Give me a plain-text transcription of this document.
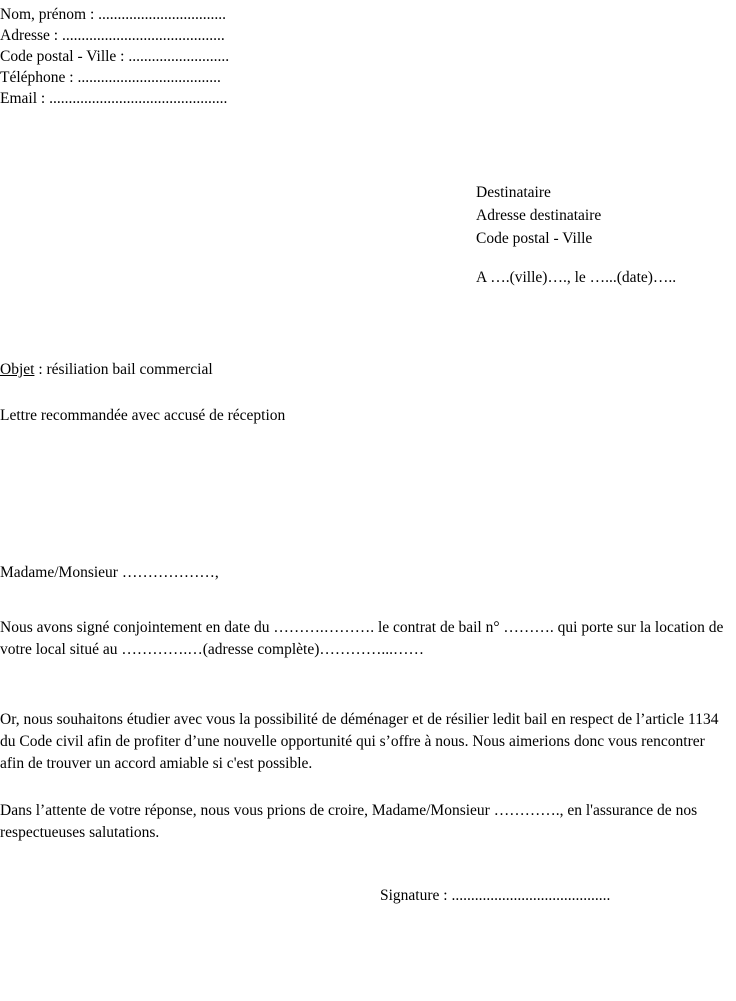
Nom, prénom : .................................
Adresse : ..........................................
Code postal - Ville : ..........................
Téléphone : .....................................
Email : ..............................................
Destinataire
Adresse destinataire
Code postal - Ville
A ….(ville)…., le …...(date)…..
Objet : résiliation bail commercial
Lettre recommandée avec accusé de réception
Madame/Monsieur ………………,

Nous avons signé conjointement en date du ……….………. le contrat de bail n° ………. qui porte sur la location de votre local situé au ………….…(adresse complète)…………...……

Or, nous souhaitons étudier avec vous la possibilité de déménager et de résilier ledit bail en respect de l’article 1134 du Code civil afin de profiter d’une nouvelle opportunité qui s’offre à nous. Nous aimerions donc vous rencontrer afin de trouver un accord amiable si c'est possible.

Dans l’attente de votre réponse, nous vous prions de croire, Madame/Monsieur …………., en l'assurance de nos respectueuses salutations.

Signature : .........................................
